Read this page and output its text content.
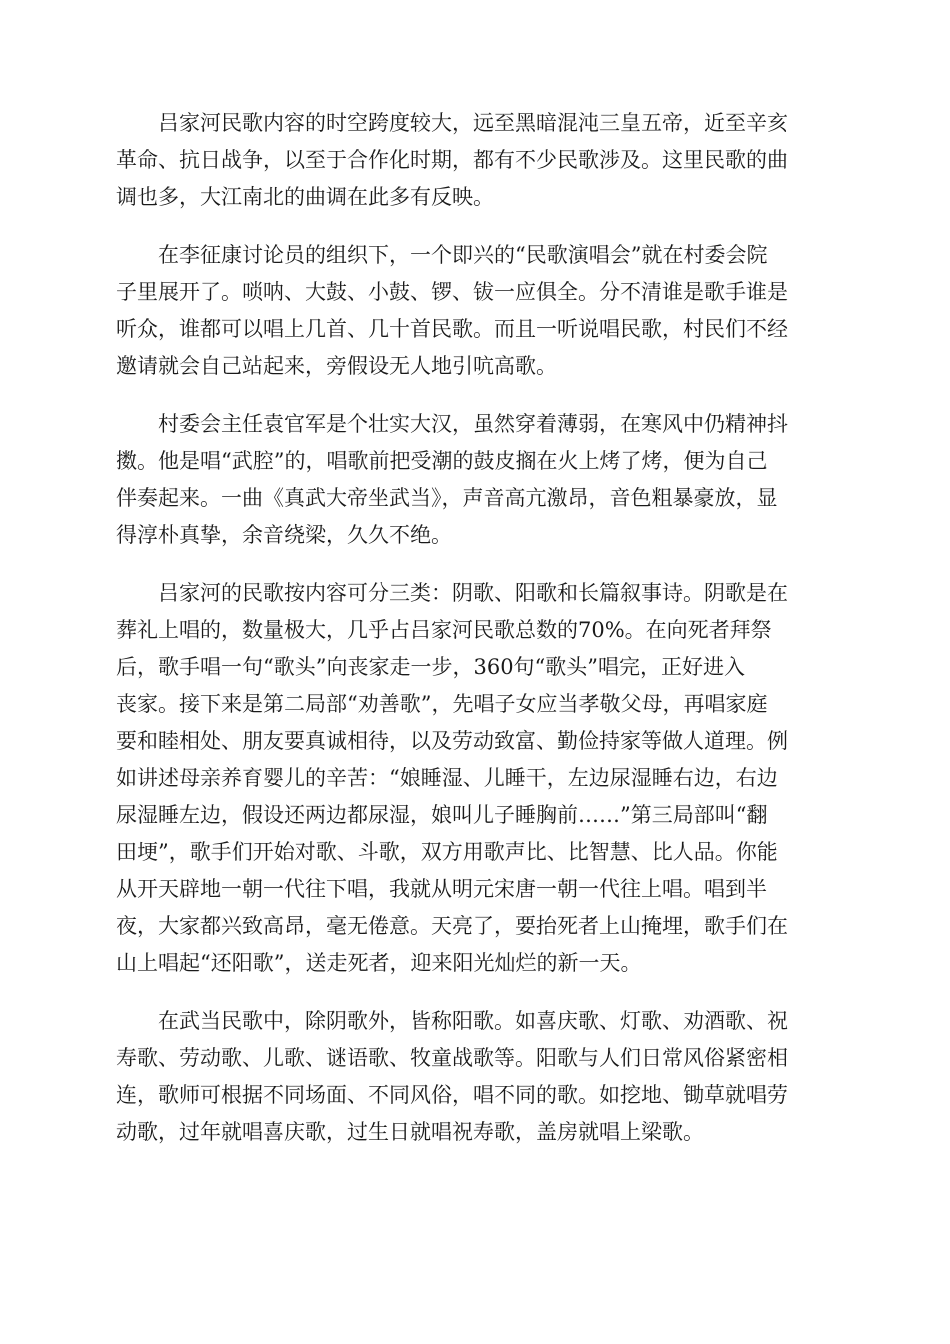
吕家河民歌内容的时空跨度较大，远至黑暗混沌三皇五帝，近至辛亥
革命、抗日战争，以至于合作化时期，都有不少民歌涉及。这里民歌的曲
调也多，大江南北的曲调在此多有反映。
在李征康讨论员的组织下，一个即兴的“民歌演唱会”就在村委会院
子里展开了。唢呐、大鼓、小鼓、锣、钹一应俱全。分不清谁是歌手谁是
听众，谁都可以唱上几首、几十首民歌。而且一听说唱民歌，村民们不经
邀请就会自己站起来，旁假设无人地引吭高歌。
村委会主任袁官军是个壮实大汉，虽然穿着薄弱，在寒风中仍精神抖
擞。他是唱“武腔”的，唱歌前把受潮的鼓皮搁在火上烤了烤，便为自己
伴奏起来。一曲《真武大帝坐武当》，声音高亢激昂，音色粗暴豪放，显
得淳朴真挚，余音绕梁，久久不绝。
吕家河的民歌按内容可分三类：阴歌、阳歌和长篇叙事诗。阴歌是在
葬礼上唱的，数量极大，几乎占吕家河民歌总数的70%。在向死者拜祭
后，歌手唱一句“歌头”向丧家走一步，360句“歌头”唱完，正好进入
丧家。接下来是第二局部“劝善歌”，先唱子女应当孝敬父母，再唱家庭
要和睦相处、朋友要真诚相待，以及劳动致富、勤俭持家等做人道理。例
如讲述母亲养育婴儿的辛苦：“娘睡湿、儿睡干，左边尿湿睡右边，右边
尿湿睡左边，假设还两边都尿湿，娘叫儿子睡胸前……”第三局部叫“翻
田埂”，歌手们开始对歌、斗歌，双方用歌声比、比智慧、比人品。你能
从开天辟地一朝一代往下唱，我就从明元宋唐一朝一代往上唱。唱到半
夜，大家都兴致高昂，毫无倦意。天亮了，要抬死者上山掩埋，歌手们在
山上唱起“还阳歌”，送走死者，迎来阳光灿烂的新一天。
在武当民歌中，除阴歌外，皆称阳歌。如喜庆歌、灯歌、劝酒歌、祝
寿歌、劳动歌、儿歌、谜语歌、牧童战歌等。阳歌与人们日常风俗紧密相
连，歌师可根据不同场面、不同风俗，唱不同的歌。如挖地、锄草就唱劳
动歌，过年就唱喜庆歌，过生日就唱祝寿歌，盖房就唱上梁歌。
